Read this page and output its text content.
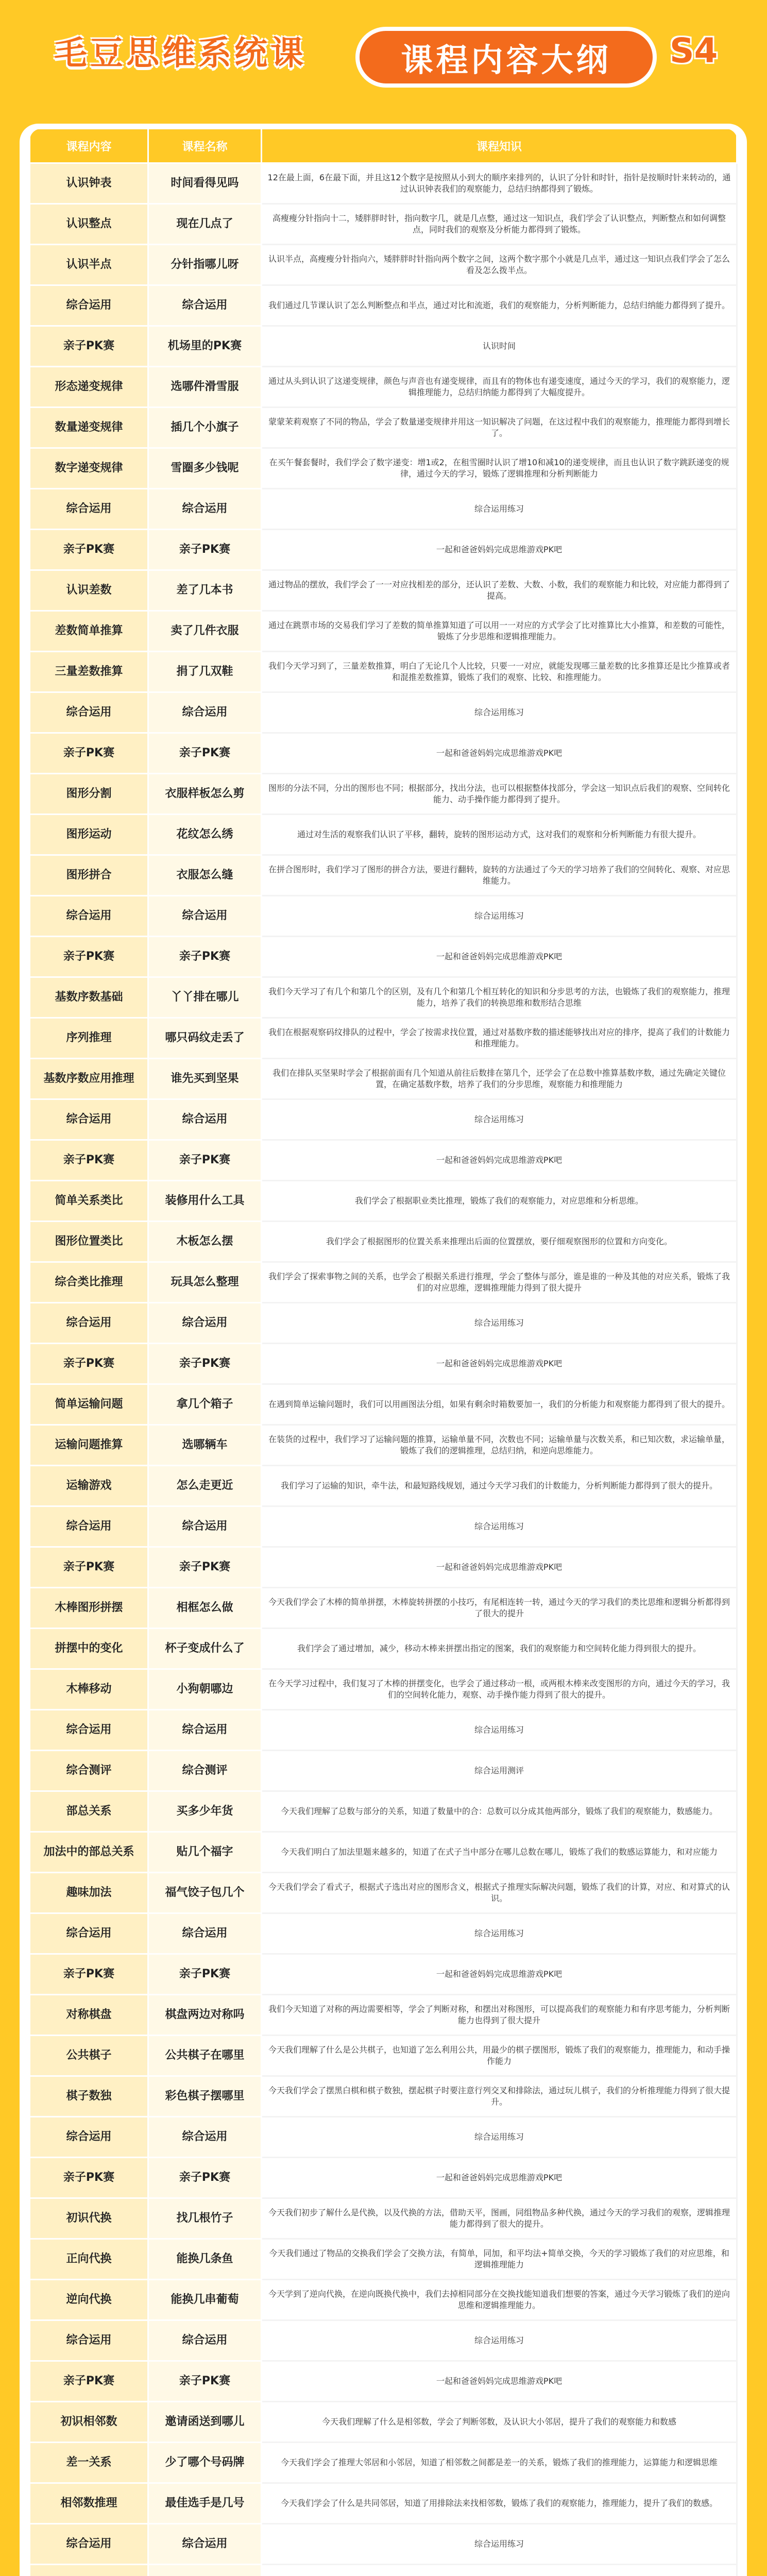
毛豆思维系统课	课程内容大纲 S4
课程内容	课程名称	课程知识
认识钟表	时间看得见吗	12在最上面，6在最下面，并且这12个数字是按照从小到大的顺序来排列的，认识了分针和时针，指针是按顺时针来转动的，通过认识钟表我们的观察能力，总结归纳都得到了锻炼。
认识整点	现在几点了	高瘦瘦分针指向十二，矮胖胖时针，指向数字几，就是几点整，通过这一知识点，我们学会了认识整点，判断整点和如何调整点，同时我们的观察及分析能力都得到了锻炼。
认识半点	分针指哪儿呀	认识半点，高瘦瘦分针指向六，矮胖胖时针指向两个数字之间，这两个数字那个小就是几点半，通过这一知识点我们学会了怎么看及怎么拨半点。
综合运用	综合运用	我们通过几节课认识了怎么判断整点和半点，通过对比和流逝，我们的观察能力，分析判断能力，总结归纳能力都得到了提升。
亲子PK赛	机场里的PK赛	认识时间
形态递变规律	选哪件滑雪服	通过从头到认识了这递变规律，颜色与声音也有递变规律，而且有的物体也有递变速度，通过今天的学习，我们的观察能力，逻辑推理能力，总结归纳能力都得到了大幅度提升。
数量递变规律	插几个小旗子	蒙蒙茉莉观察了不同的物品，学会了数量递变规律并用这一知识解决了问题，在这过程中我们的观察能力，推理能力都得到增长了。
数字递变规律	雪圈多少钱呢	在买午餐套餐时，我们学会了数字递变：增1或2，在租雪圈时认识了增10和减10的递变规律，而且也认识了数字跳跃递变的规律，通过今天的学习，锻炼了逻辑推理和分析判断能力
综合运用	综合运用	综合运用练习
亲子PK赛	亲子PK赛	一起和爸爸妈妈完成思维游戏PK吧
认识差数	差了几本书	通过物品的摆放，我们学会了一一对应找相差的部分，还认识了差数、大数、小数，我们的观察能力和比较，对应能力都得到了提高。
差数简单推算	卖了几件衣服	通过在跳票市场的交易我们学习了差数的简单推算知道了可以用一一对应的方式学会了比对推算比大小推算，和差数的可能性，锻炼了分步思维和逻辑推理能力。
三量差数推算	捐了几双鞋	我们今天学习到了，三量差数推算，明白了无论几个人比较，只要一一对应，就能发现哪三量差数的比多推算还是比少推算或者和混推差数推算，锻炼了我们的观察、比较、和推理能力。
综合运用	综合运用	综合运用练习
亲子PK赛	亲子PK赛	一起和爸爸妈妈完成思维游戏PK吧
图形分割	衣服样板怎么剪	图形的分法不同，分出的图形也不同；根据部分，找出分法，也可以根据整体找部分，学会这一知识点后我们的观察、空间转化能力、动手操作能力都得到了提升。
图形运动	花纹怎么绣	通过对生活的观察我们认识了平移，翻转，旋转的图形运动方式，这对我们的观察和分析判断能力有很大提升。
图形拼合	衣服怎么缝	在拼合图形时，我们学习了图形的拼合方法，要进行翻转，旋转的方法通过了今天的学习培养了我们的空间转化、观察、对应思维能力。
综合运用	综合运用	综合运用练习
亲子PK赛	亲子PK赛	一起和爸爸妈妈完成思维游戏PK吧
基数序数基础	丫丫排在哪儿	我们今天学习了有几个和第几个的区别，及有几个和第几个相互转化的知识和分步思考的方法，也锻炼了我们的观察能力，推理能力，培养了我们的转换思维和数形结合思维
序列推理	哪只码纹走丢了	我们在根据观察码纹排队的过程中，学会了按需求找位置，通过对基数序数的描述能够找出对应的排序，提高了我们的计数能力和推理能力。
基数序数应用推理	谁先买到坚果	我们在排队买坚果时学会了根据前面有几个知道从前往后数排在第几个，还学会了在总数中推算基数序数，通过先确定关键位置，在确定基数序数，培养了我们的分步思维，观察能力和推理能力
综合运用	综合运用	综合运用练习
亲子PK赛	亲子PK赛	一起和爸爸妈妈完成思维游戏PK吧
简单关系类比	装修用什么工具	我们学会了根据职业类比推理，锻炼了我们的观察能力，对应思维和分析思维。
图形位置类比	木板怎么摆	我们学会了根据图形的位置关系来推理出后面的位置摆放，要仔细观察图形的位置和方向变化。
综合类比推理	玩具怎么整理	我们学会了探索事物之间的关系，也学会了根据关系进行推理，学会了整体与部分，谁是谁的一种及其他的对应关系，锻炼了我们的对应思维，逻辑推理能力得到了很大提升
综合运用	综合运用	综合运用练习
亲子PK赛	亲子PK赛	一起和爸爸妈妈完成思维游戏PK吧
简单运输问题	拿几个箱子	在遇到简单运输问题时，我们可以用画图法分组，如果有剩余时箱数要加一，我们的分析能力和观察能力都得到了很大的提升。
运输问题推算	选哪辆车	在装货的过程中，我们学习了运输问题的推算，运输单量不同，次数也不同；运输单量与次数关系，和已知次数，求运输单量，锻炼了我们的逻辑推理，总结归纳，和逆向思维能力。
运输游戏	怎么走更近	我们学习了运输的知识，牵牛法，和最短路线规划，通过今天学习我们的计数能力，分析判断能力都得到了很大的提升。
综合运用	综合运用	综合运用练习
亲子PK赛	亲子PK赛	一起和爸爸妈妈完成思维游戏PK吧
木棒图形拼摆	相框怎么做	今天我们学会了木棒的简单拼摆，木棒旋转拼摆的小技巧，有尾相连转一转，通过今天的学习我们的类比思维和逻辑分析都得到了很大的提升
拼摆中的变化	杯子变成什么了	我们学会了通过增加，减少，移动木棒来拼摆出指定的图案，我们的观察能力和空间转化能力得到很大的提升。
木棒移动	小狗朝哪边	在今天学习过程中，我们复习了木棒的拼摆变化，也学会了通过移动一根，或两根木棒来改变图形的方向，通过今天的学习，我们的空间转化能力，观察、动手操作能力得到了很大的提升。
综合运用	综合运用	综合运用练习
综合测评	综合测评	综合运用测评
部总关系	买多少年货	今天我们理解了总数与部分的关系，知道了数量中的合：总数可以分成其他两部分，锻炼了我们的观察能力，数感能力。
加法中的部总关系	贴几个福字	今天我们明白了加法里题来越多的，知道了在式子当中部分在哪儿总数在哪儿，锻炼了我们的数感运算能力，和对应能力
趣味加法	福气饺子包几个	今天我们学会了看式子，根据式子选出对应的图形含义，根据式子推理实际解决问题，锻炼了我们的计算，对应、和对算式的认识。
综合运用	综合运用	综合运用练习
亲子PK赛	亲子PK赛	一起和爸爸妈妈完成思维游戏PK吧
对称棋盘	棋盘两边对称吗	我们今天知道了对称的两边需要相等，学会了判断对称，和摆出对称图形，可以提高我们的观察能力和有序思考能力，分析判断能力也得到了很大提升
公共棋子	公共棋子在哪里	今天我们理解了什么是公共棋子，也知道了怎么利用公共，用最少的棋子摆图形，锻炼了我们的观察能力，推理能力，和动手操作能力
棋子数独	彩色棋子摆哪里	今天我们学会了摆黑白棋和棋子数独，摆起棋子时要注意行列交叉和排除法，通过玩儿棋子，我们的分析推理能力得到了很大提升。
综合运用	综合运用	综合运用练习
亲子PK赛	亲子PK赛	一起和爸爸妈妈完成思维游戏PK吧
初识代换	找几根竹子	今天我们初步了解什么是代换，以及代换的方法，借助天平，图画，同组物品多种代换，通过今天的学习我们的观察，逻辑推理能力都得到了很大的提升。
正向代换	能换几条鱼	今天我们通过了物品的交换我们学会了交换方法，有简单，同加，和平均法+简单交换，今天的学习锻炼了我们的对应思维，和逻辑推理能力
逆向代换	能换几串葡萄	今天学到了逆向代换，在逆向既换代换中，我们去掉相同部分在交换找能知道我们想要的答案，通过今天学习锻炼了我们的逆向思维和逻辑推理能力。
综合运用	综合运用	综合运用练习
亲子PK赛	亲子PK赛	一起和爸爸妈妈完成思维游戏PK吧
初识相邻数	邀请函送到哪儿	今天我们理解了什么是相邻数，学会了判断邻数，及认识大小邻居，提升了我们的观察能力和数感
差一关系	少了哪个号码牌	今天我们学会了推理大邻居和小邻居，知道了相邻数之间都是差一的关系，锻炼了我们的推理能力，运算能力和逻辑思维
相邻数推理	最佳选手是几号	今天我们学会了什么是共同邻居，知道了用排除法来找相邻数，锻炼了我们的观察能力，推理能力，提升了我们的数感。
综合运用	综合运用	综合运用练习
